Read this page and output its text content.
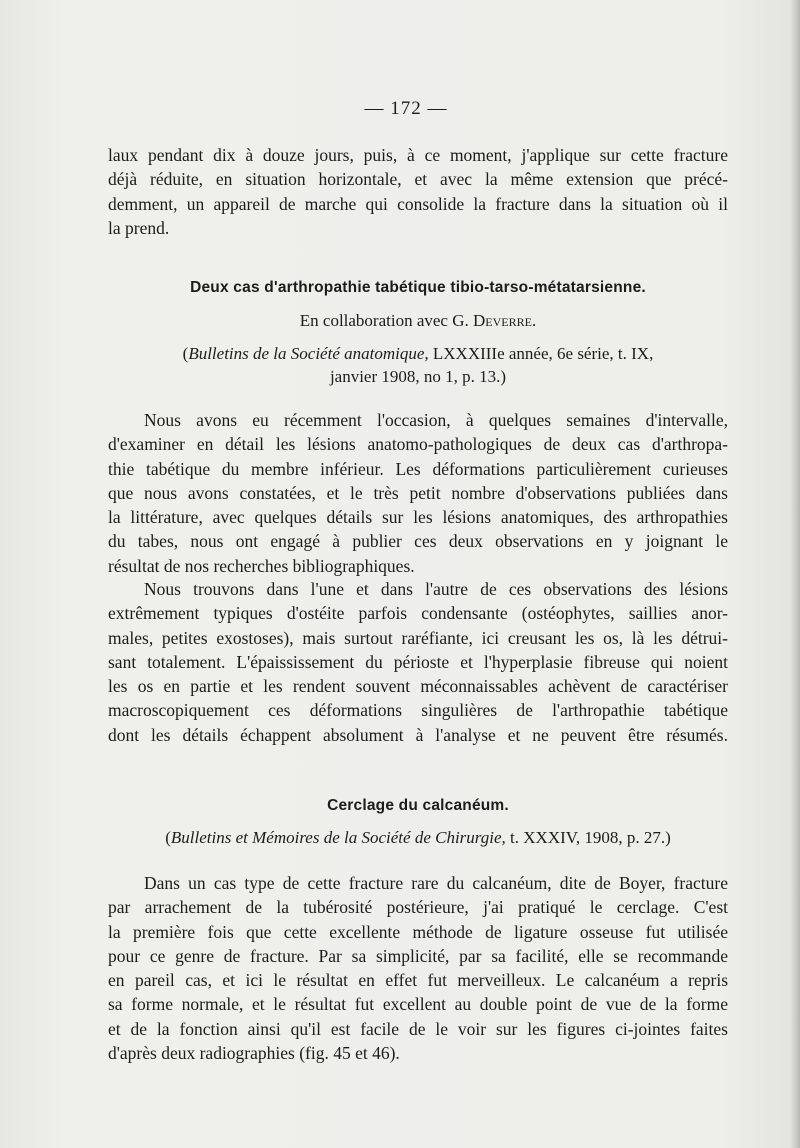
— 172 —
laux pendant dix à douze jours, puis, à ce moment, j'applique sur cette fracture
déjà réduite, en situation horizontale, et avec la même extension que précé-
demment, un appareil de marche qui consolide la fracture dans la situation où il
la prend.
Deux cas d'arthropathie tabétique tibio-tarso-métatarsienne.
En collaboration avec G. Deverre.
(Bulletins de la Société anatomique, LXXXIIIe année, 6e série, t. IX,
janvier 1908, no 1, p. 13.)
Nous avons eu récemment l'occasion, à quelques semaines d'intervalle,
d'examiner en détail les lésions anatomo-pathologiques de deux cas d'arthropa-
thie tabétique du membre inférieur. Les déformations particulièrement curieuses
que nous avons constatées, et le très petit nombre d'observations publiées dans
la littérature, avec quelques détails sur les lésions anatomiques, des arthropathies
du tabes, nous ont engagé à publier ces deux observations en y joignant le
résultat de nos recherches bibliographiques.
Nous trouvons dans l'une et dans l'autre de ces observations des lésions
extrêmement typiques d'ostéite parfois condensante (ostéophytes, saillies anor-
males, petites exostoses), mais surtout raréfiante, ici creusant les os, là les détrui-
sant totalement. L'épaississement du périoste et l'hyperplasie fibreuse qui noient
les os en partie et les rendent souvent méconnaissables achèvent de caractériser
macroscopiquement ces déformations singulières de l'arthropathie tabétique
dont les détails échappent absolument à l'analyse et ne peuvent être résumés.
Cerclage du calcanéum.
(Bulletins et Mémoires de la Société de Chirurgie, t. XXXIV, 1908, p. 27.)
Dans un cas type de cette fracture rare du calcanéum, dite de Boyer, fracture
par arrachement de la tubérosité postérieure, j'ai pratiqué le cerclage. C'est
la première fois que cette excellente méthode de ligature osseuse fut utilisée
pour ce genre de fracture. Par sa simplicité, par sa facilité, elle se recommande
en pareil cas, et ici le résultat en effet fut merveilleux. Le calcanéum a repris
sa forme normale, et le résultat fut excellent au double point de vue de la forme
et de la fonction ainsi qu'il est facile de le voir sur les figures ci-jointes faites
d'après deux radiographies (fig. 45 et 46).
